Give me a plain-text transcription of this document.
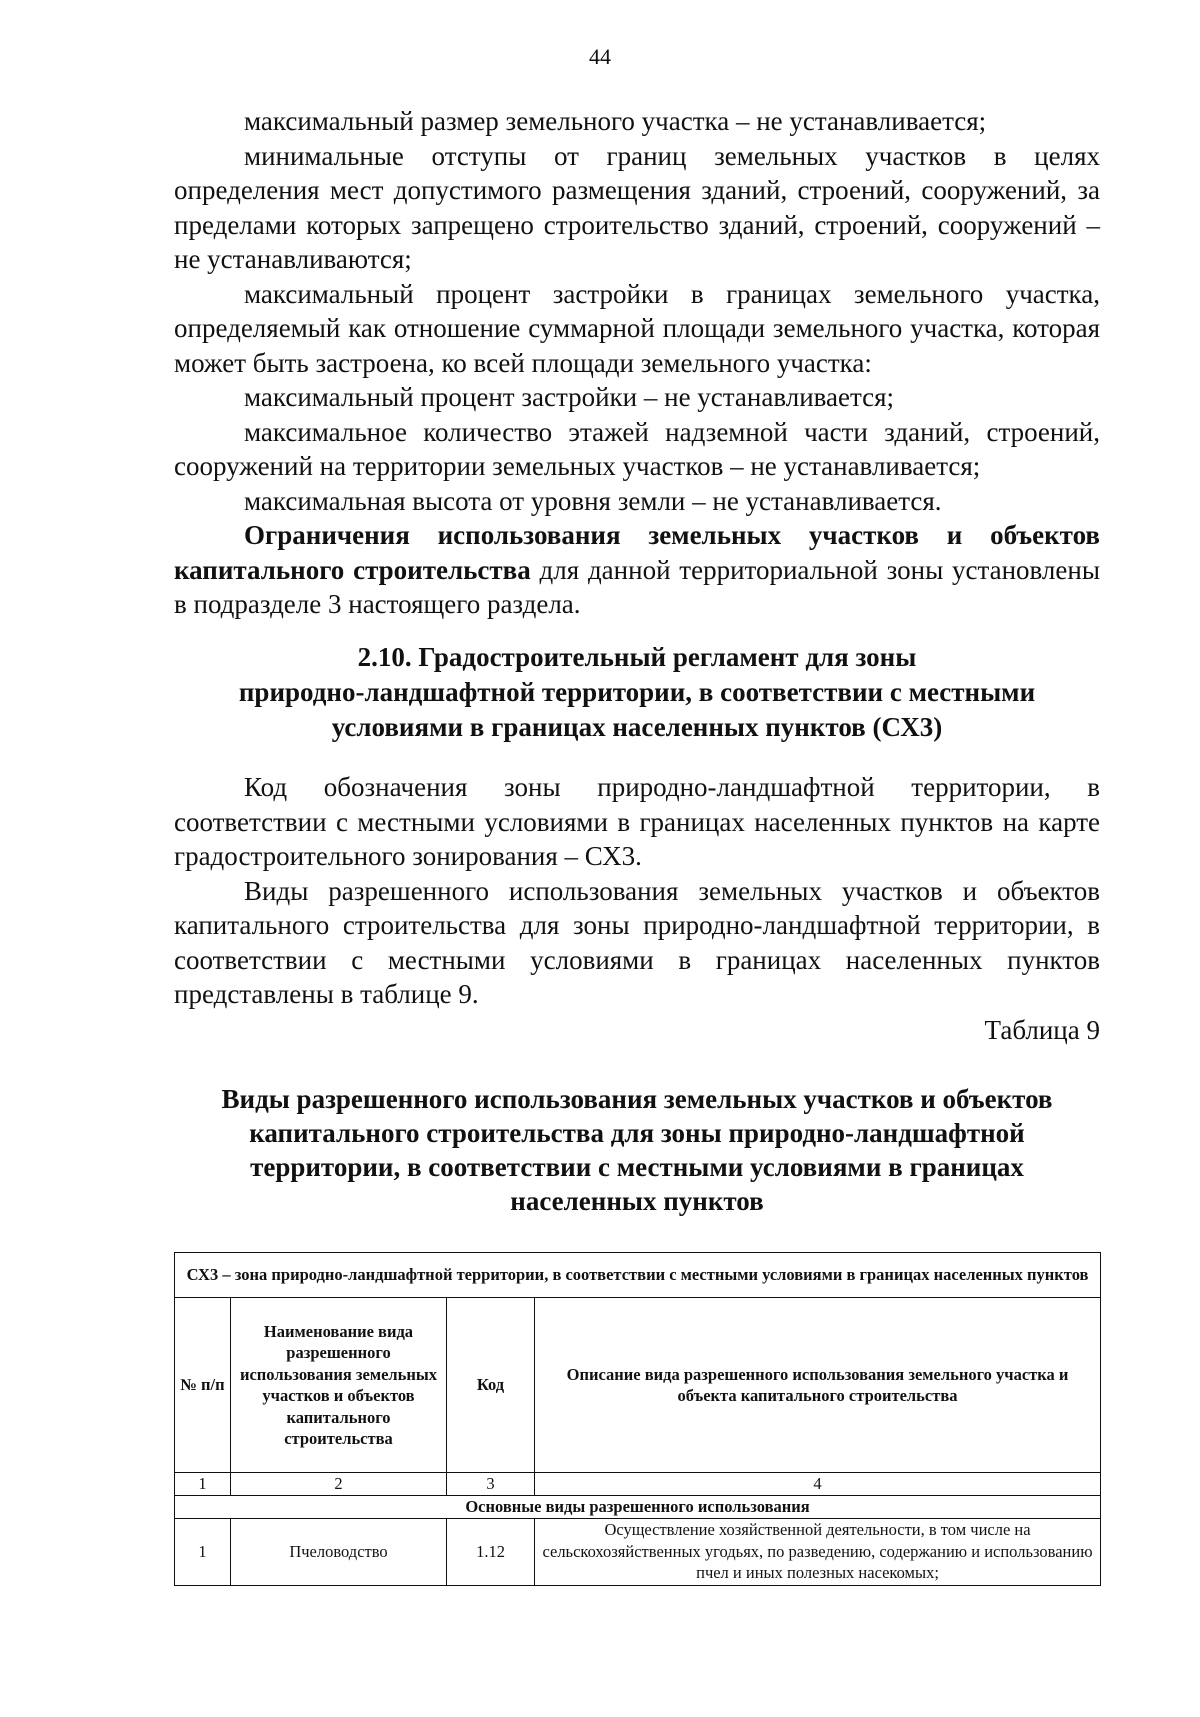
44

максимальный размер земельного участка – не устанавливается;

минимальные отступы от границ земельных участков в целях определения мест допустимого размещения зданий, строений, сооружений, за пределами которых запрещено строительство зданий, строений, сооружений – не устанавливаются;

максимальный процент застройки в границах земельного участка, определяемый как отношение суммарной площади земельного участка, которая может быть застроена, ко всей площади земельного участка:

максимальный процент застройки – не устанавливается;

максимальное количество этажей надземной части зданий, строений, сооружений на территории земельных участков – не устанавливается;

максимальная высота от уровня земли – не устанавливается.

Ограничения использования земельных участков и объектов капитального строительства для данной территориальной зоны установлены в подразделе 3 настоящего раздела.

2.10. Градостроительный регламент для зоны
природно-ландшафтной территории, в соответствии с местными
условиями в границах населенных пунктов (СХ3)

Код обозначения зоны природно-ландшафтной территории, в соответствии с местными условиями в границах населенных пунктов на карте градостроительного зонирования – СХ3.

Виды разрешенного использования земельных участков и объектов капитального строительства для зоны природно-ландшафтной территории, в соответствии с местными условиями в границах населенных пунктов представлены в таблице 9.

Таблица 9
Виды разрешенного использования земельных участков и объектов
капитального строительства для зоны природно-ландшафтной
территории, в соответствии с местными условиями в границах
населенных пунктов
СХ3 – зона природно-ландшафтной территории, в соответствии с местными условиями в границах населенных пунктов			
№ п/п	Наименование вида разрешенного использования земельных участков и объектов капитального строительства	Код	Описание вида разрешенного использования земельного участка и объекта капитального строительства
1	2	3	4
Основные виды разрешенного использования			
1	Пчеловодство	1.12	Осуществление хозяйственной деятельности, в том числе на сельскохозяйственных угодьях, по разведению, содержанию и использованию пчел и иных полезных насекомых;
